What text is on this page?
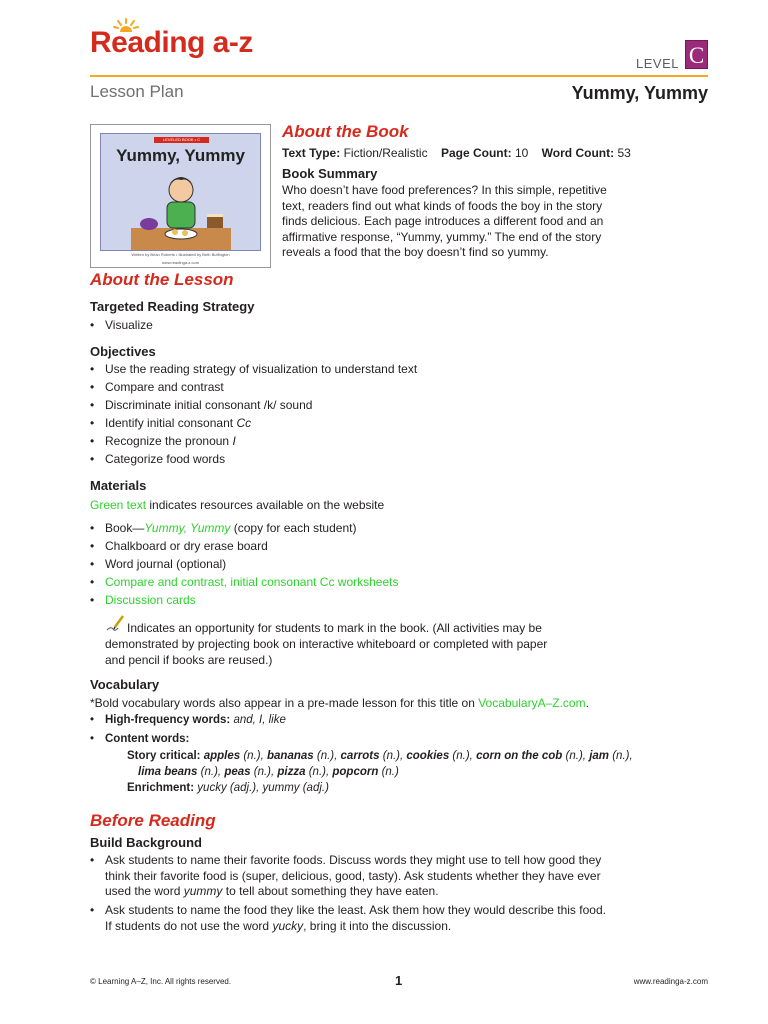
Reading a-z
LEVEL C
Lesson Plan	Yummy, Yummy
LEVELED BOOK • C
Yummy, Yummy
Written by Brian Roberts • Illustrated by Beth Buffington
www.readinga-z.com
About the Book
Text Type: Fiction/Realistic Page Count: 10 Word Count: 53
Book Summary
Who doesn’t have food preferences? In this simple, repetitive
text, readers find out what kinds of foods the boy in the story
finds delicious. Each page introduces a different food and an
affirmative response, “Yummy, yummy.” The end of the story
reveals a food that the boy doesn’t find so yummy.
About the Lesson
Targeted Reading Strategy
• Visualize
Objectives
• Use the reading strategy of visualization to understand text
• Compare and contrast
• Discriminate initial consonant /k/ sound
• Identify initial consonant Cc
• Recognize the pronoun I
• Categorize food words
Materials
Green text indicates resources available on the website
• Book—Yummy, Yummy (copy for each student)
• Chalkboard or dry erase board
• Word journal (optional)
• Compare and contrast, initial consonant Cc worksheets
• Discussion cards
Indicates an opportunity for students to mark in the book. (All activities may be
demonstrated by projecting book on interactive whiteboard or completed with paper
and pencil if books are reused.)
Vocabulary
*Bold vocabulary words also appear in a pre-made lesson for this title on VocabularyA–Z.com.
• High-frequency words: and, I, like
• Content words:
Story critical: apples (n.), bananas (n.), carrots (n.), cookies (n.), corn on the cob (n.), jam (n.),
lima beans (n.), peas (n.), pizza (n.), popcorn (n.)
Enrichment: yucky (adj.), yummy (adj.)
Before Reading
Build Background
• Ask students to name their favorite foods. Discuss words they might use to tell how good they
think their favorite food is (super, delicious, good, tasty). Ask students whether they have ever
used the word yummy to tell about something they have eaten.
• Ask students to name the food they like the least. Ask them how they would describe this food.
If students do not use the word yucky, bring it into the discussion.
© Learning A–Z, Inc. All rights reserved.	1	www.readinga-z.com
